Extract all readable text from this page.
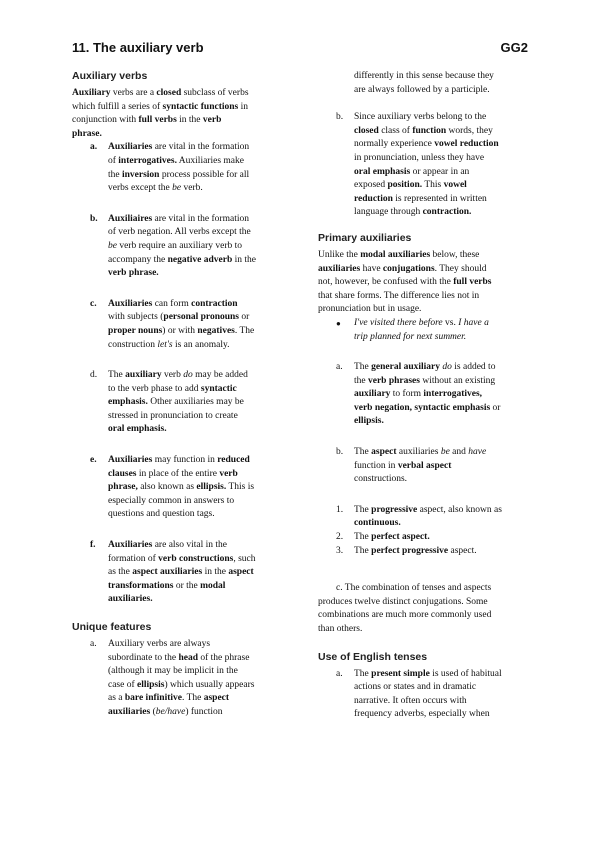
11. The auxiliary verb	GG2
Auxiliary verbs

Auxiliary verbs are a closed subclass of verbs
which fulfill a series of syntactic functions in
conjunction with full verbs in the verb
phrase.

a.	Auxiliaries are vital in the formation
of interrogatives. Auxiliaries make
the inversion process possible for all
verbs except the be verb.
b.	Auxiliaires are vital in the formation
of verb negation. All verbs except the
be verb require an auxiliary verb to
accompany the negative adverb in the
verb phrase.
c.	Auxiliaries can form contraction
with subjects (personal pronouns or
proper nouns) or with negatives. The
construction let's is an anomaly.
d.	The auxiliary verb do may be added
to the verb phase to add syntactic
emphasis. Other auxiliaries may be
stressed in pronunciation to create
oral emphasis.
e.	Auxiliaries may function in reduced
clauses in place of the entire verb
phrase, also known as ellipsis. This is
especially common in answers to
questions and question tags.
f.	Auxiliaries are also vital in the
formation of verb constructions, such
as the aspect auxiliaries in the aspect
transformations or the modal
auxiliaries.
Unique features
a.	Auxiliary verbs are always
subordinate to the head of the phrase
(although it may be implicit in the
case of ellipsis) which usually appears
as a bare infinitive. The aspect
auxiliaries (be/have) function

differently in this sense because they
are always followed by a participle.

b.	Since auxiliary verbs belong to the
closed class of function words, they
normally experience vowel reduction
in pronunciation, unless they have
oral emphasis or appear in an
exposed position. This vowel
reduction is represented in written
language through contraction.
Primary auxiliaries

Unlike the modal auxiliaries below, these
auxiliaries have conjugations. They should
not, however, be confused with the full verbs
that share forms. The difference lies not in
pronunciation but in usage.

●	I've visited there before vs. I have a
trip planned for next summer.
a.	The general auxiliary do is added to
the verb phrases without an existing
auxiliary to form interrogatives,
verb negation, syntactic emphasis or
ellipsis.
b.	The aspect auxiliaries be and have
function in verbal aspect
constructions.
1.	The progressive aspect, also known as
continuous.
2.	The perfect aspect.
3.	The perfect progressive aspect.

c. The combination of tenses and aspects
produces twelve distinct conjugations. Some
combinations are much more commonly used
than others.

Use of English tenses
a.	The present simple is used of habitual
actions or states and in dramatic
narrative. It often occurs with
frequency adverbs, especially when
